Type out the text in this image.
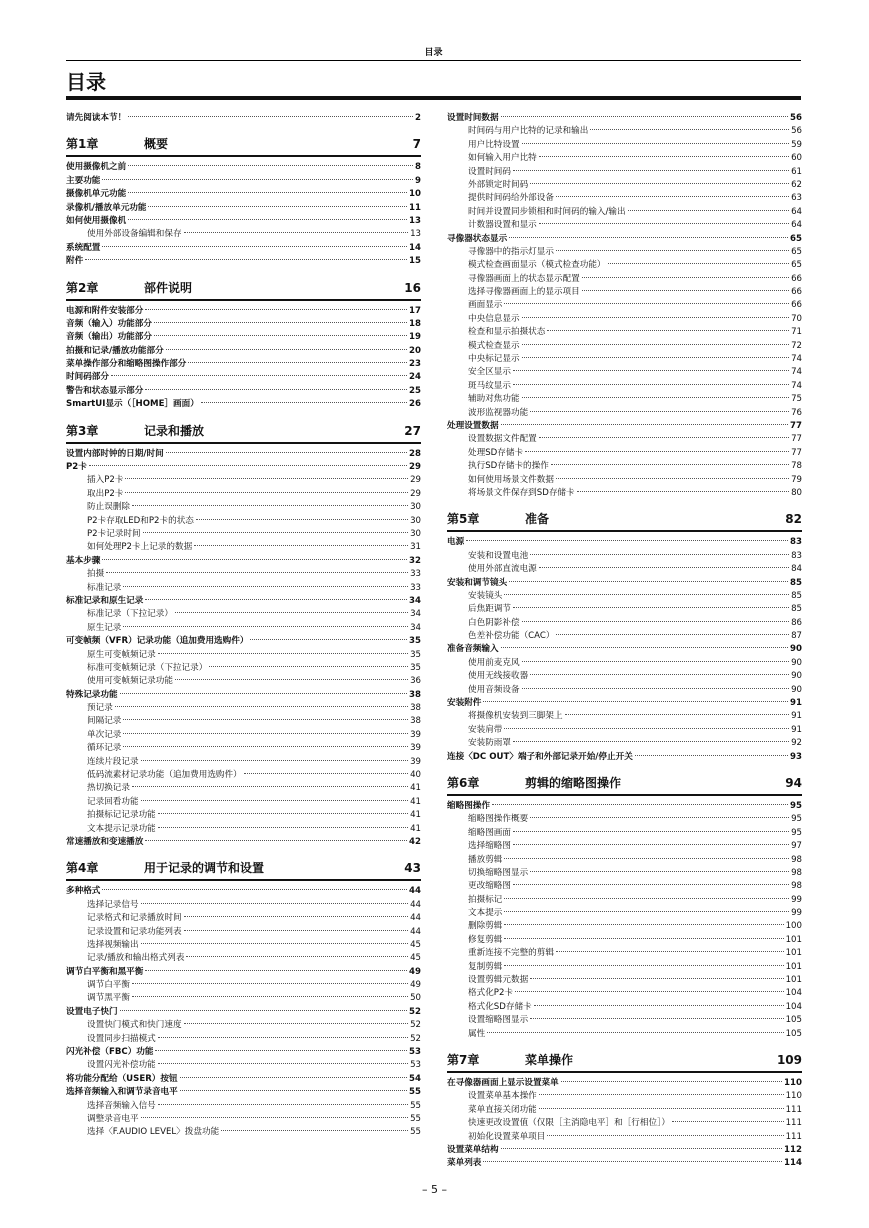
目录
目录
请先阅读本节！	2
第1章	概要	7
使用摄像机之前	8
主要功能	9
摄像机单元功能	10
录像机/播放单元功能	11
如何使用摄像机	13
使用外部设备编辑和保存	13
系统配置	14
附件	15
第2章	部件说明	16
电源和附件安装部分	17
音频（输入）功能部分	18
音频（输出）功能部分	19
拍摄和记录/播放功能部分	20
菜单操作部分和缩略图操作部分	23
时间码部分	24
警告和状态显示部分	25
SmartUI显示（［HOME］画面）	26
第3章	记录和播放	27
设置内部时钟的日期/时间	28
P2卡	29
插入P2卡	29
取出P2卡	29
防止误删除	30
P2卡存取LED和P2卡的状态	30
P2卡记录时间	30
如何处理P2卡上记录的数据	31
基本步骤	32
拍摄	33
标准记录	33
标准记录和原生记录	34
标准记录（下拉记录）	34
原生记录	34
可变帧频（VFR）记录功能（追加费用选购件）	35
原生可变帧频记录	35
标准可变帧频记录（下拉记录）	35
使用可变帧频记录功能	36
特殊记录功能	38
预记录	38
间隔记录	38
单次记录	39
循环记录	39
连续片段记录	39
低码流素材记录功能（追加费用选购件）	40
热切换记录	41
记录回看功能	41
拍摄标记记录功能	41
文本提示记录功能	41
常速播放和变速播放	42
第4章	用于记录的调节和设置	43
多种格式	44
选择记录信号	44
记录格式和记录播放时间	44
记录设置和记录功能列表	44
选择视频输出	45
记录/播放和输出格式列表	45
调节白平衡和黑平衡	49
调节白平衡	49
调节黑平衡	50
设置电子快门	52
设置快门模式和快门速度	52
设置同步扫描模式	52
闪光补偿（FBC）功能	53
设置闪光补偿功能	53
将功能分配给（USER）按钮	54
选择音频输入和调节录音电平	55
选择音频输入信号	55
调整录音电平	55
选择〈F.AUDIO LEVEL〉拨盘功能	55
设置时间数据	56
时间码与用户比特的记录和输出	56
用户比特设置	59
如何输入用户比特	60
设置时间码	61
外部锁定时间码	62
提供时间码给外部设备	63
时间并设置同步锁相和时间码的输入/输出	64
计数器设置和显示	64
寻像器状态显示	65
寻像器中的指示灯显示	65
模式检查画面显示（模式检查功能）	65
寻像器画面上的状态显示配置	66
选择寻像器画面上的显示项目	66
画面显示	66
中央信息显示	70
检查和显示拍摄状态	71
模式检查显示	72
中央标记显示	74
安全区显示	74
斑马纹显示	74
辅助对焦功能	75
波形监视器功能	76
处理设置数据	77
设置数据文件配置	77
处理SD存储卡	77
执行SD存储卡的操作	78
如何使用场景文件数据	79
将场景文件保存到SD存储卡	80
第5章	准备	82
电源	83
安装和设置电池	83
使用外部直流电源	84
安装和调节镜头	85
安装镜头	85
后焦距调节	85
白色阴影补偿	86
色差补偿功能（CAC）	87
准备音频输入	90
使用前麦克风	90
使用无线接收器	90
使用音频设备	90
安装附件	91
将摄像机安装到三脚架上	91
安装肩带	91
安装防雨罩	92
连接〈DC OUT〉端子和外部记录开始/停止开关	93
第6章	剪辑的缩略图操作	94
缩略图操作	95
缩略图操作概要	95
缩略图画面	95
选择缩略图	97
播放剪辑	98
切换缩略图显示	98
更改缩略图	98
拍摄标记	99
文本提示	99
删除剪辑	100
修复剪辑	101
重新连接不完整的剪辑	101
复制剪辑	101
设置剪辑元数据	101
格式化P2卡	104
格式化SD存储卡	104
设置缩略图显示	105
属性	105
第7章	菜单操作	109
在寻像器画面上显示设置菜单	110
设置菜单基本操作	110
菜单直接关闭功能	111
快速更改设置值（仅限［主消隐电平］和［行相位］）	111
初始化设置菜单项目	111
设置菜单结构	112
菜单列表	114
– 5 –
